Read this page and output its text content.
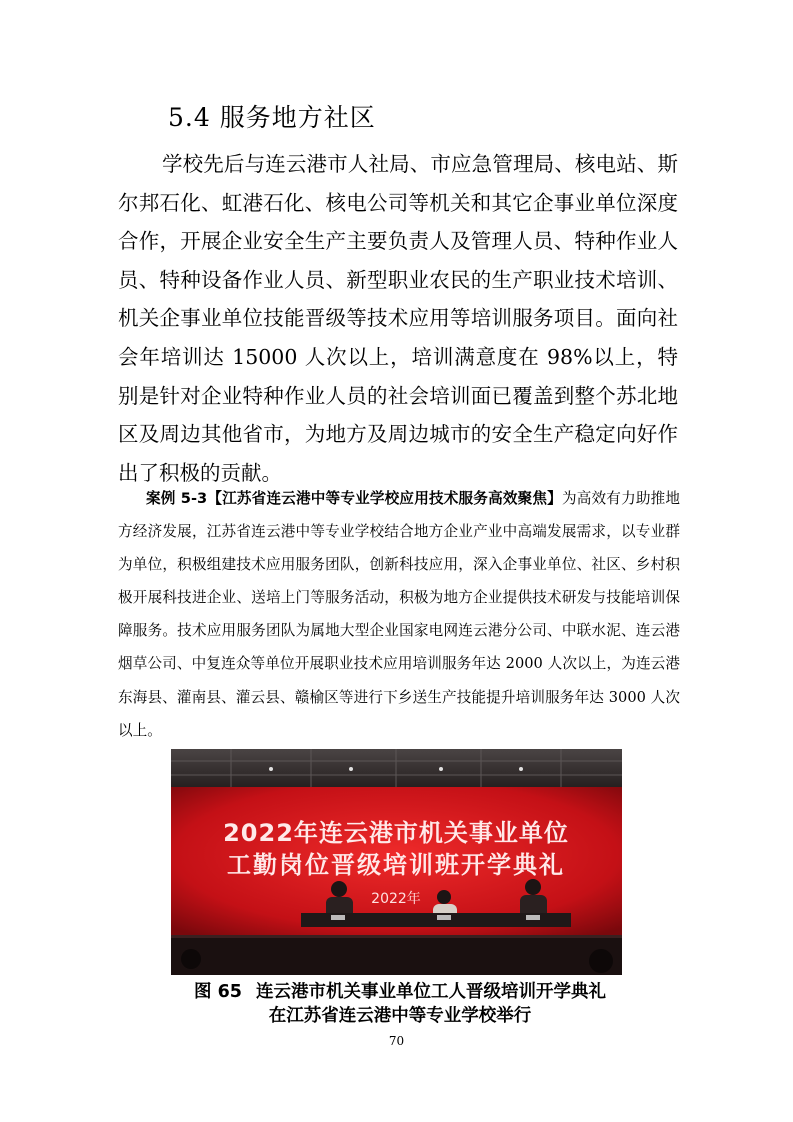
5.4 服务地方社区

学校先后与连云港市人社局、市应急管理局、核电站、斯尔邦石化、虹港石化、核电公司等机关和其它企事业单位深度合作，开展企业安全生产主要负责人及管理人员、特种作业人员、特种设备作业人员、新型职业农民的生产职业技术培训、机关企事业单位技能晋级等技术应用等培训服务项目。面向社会年培训达 15000 人次以上，培训满意度在 98%以上，特别是针对企业特种作业人员的社会培训面已覆盖到整个苏北地区及周边其他省市，为地方及周边城市的安全生产稳定向好作出了积极的贡献。

案例 5-3【江苏省连云港中等专业学校应用技术服务高效聚焦】为高效有力助推地方经济发展，江苏省连云港中等专业学校结合地方企业产业中高端发展需求，以专业群为单位，积极组建技术应用服务团队，创新科技应用，深入企事业单位、社区、乡村积极开展科技进企业、送培上门等服务活动，积极为地方企业提供技术研发与技能培训保障服务。技术应用服务团队为属地大型企业国家电网连云港分公司、中联水泥、连云港烟草公司、中复连众等单位开展职业技术应用培训服务年达 2000 人次以上，为连云港东海县、灌南县、灌云县、赣榆区等进行下乡送生产技能提升培训服务年达 3000 人次以上。

2022年连云港市机关事业单位
工勤岗位晋级培训班开学典礼
2022年
图 65 连云港市机关事业单位工人晋级培训开学典礼
在江苏省连云港中等专业学校举行
70
